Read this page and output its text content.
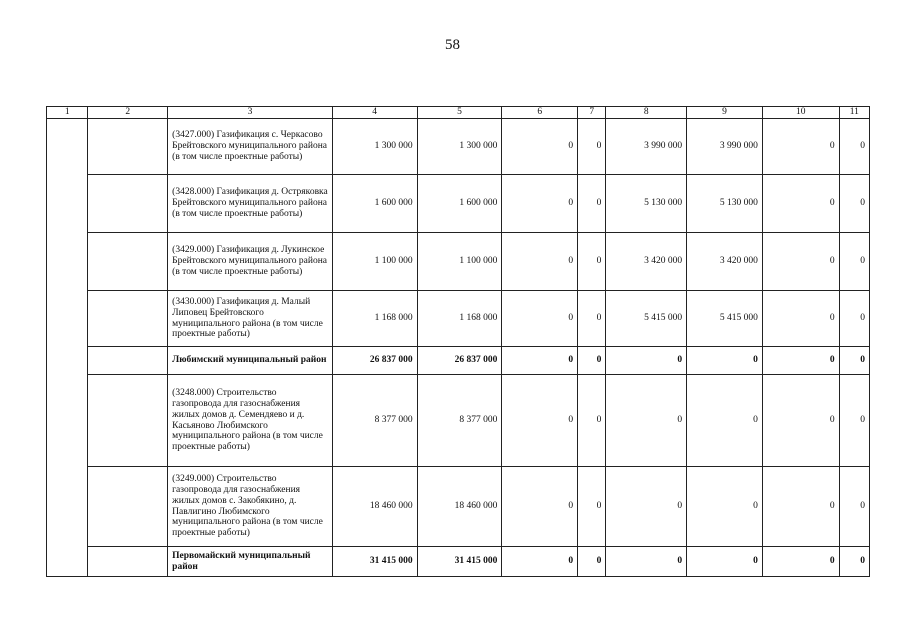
58
1	2	3	4	5	6	7	8	9	10	11
		(3427.000) Газификация с. Черкасово Брейтовского муниципального района (в том числе проектные работы)	1 300 000	1 300 000	0	0	3 990 000	3 990 000	0	0
		(3428.000) Газификация д. Остряковка Брейтовского муниципального района (в том числе проектные работы)	1 600 000	1 600 000	0	0	5 130 000	5 130 000	0	0
		(3429.000) Газификация д. Лукинское Брейтовского муниципального района (в том числе проектные работы)	1 100 000	1 100 000	0	0	3 420 000	3 420 000	0	0
		(3430.000) Газификация д. Малый Липовец Брейтовского муниципального района (в том числе проектные работы)	1 168 000	1 168 000	0	0	5 415 000	5 415 000	0	0
		Любимский муниципальный район	26 837 000	26 837 000	0	0	0	0	0	0
		(3248.000) Строительство газопровода для газоснабжения жилых домов д. Семендяево и д. Касьяново Любимского муниципального района (в том числе проектные работы)	8 377 000	8 377 000	0	0	0	0	0	0
		(3249.000) Строительство газопровода для газоснабжения жилых домов с. Закобякино, д. Павлигино Любимского муниципального района (в том числе проектные работы)	18 460 000	18 460 000	0	0	0	0	0	0
		Первомайский муниципальный район	31 415 000	31 415 000	0	0	0	0	0	0
